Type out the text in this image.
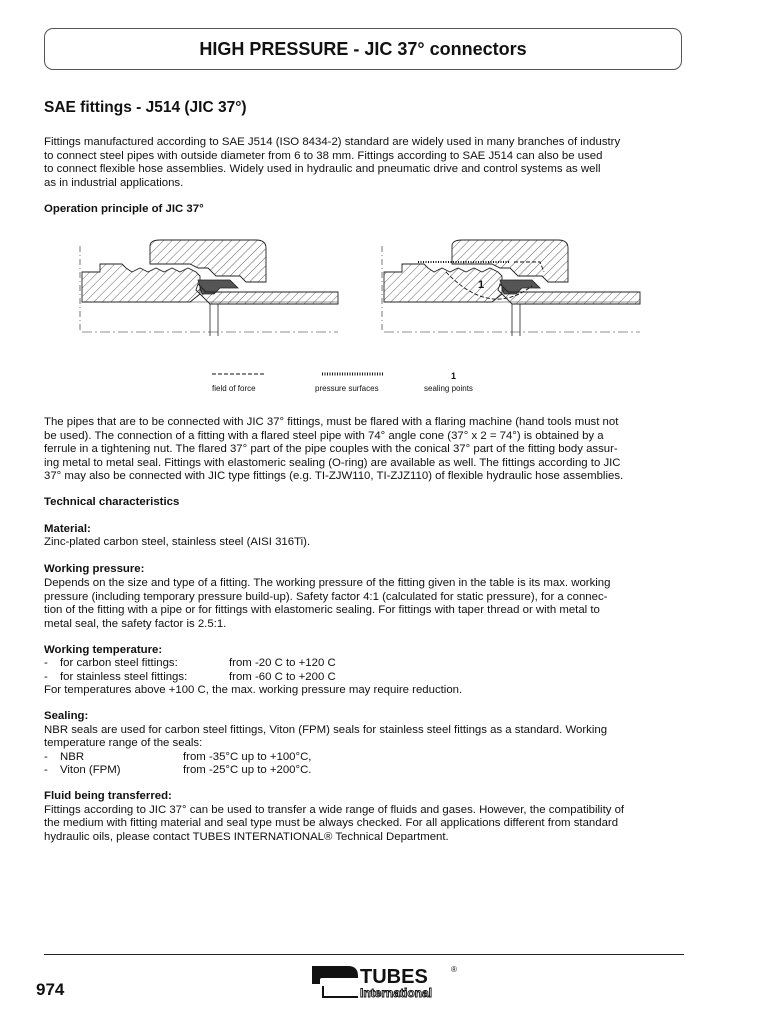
HIGH PRESSURE - JIC 37° connectors
SAE fittings - J514 (JIC 37°)
Fittings manufactured according to SAE J514 (ISO 8434-2) standard are widely used in many branches of industry
to connect steel pipes with outside diameter from 6 to 38 mm. Fittings according to SAE J514 can also be used
to connect flexible hose assemblies. Widely used in hydraulic and pneumatic drive and control systems as well
as in industrial applications.
Operation principle of JIC 37°
1
field of force	pressure surfaces
1
sealing points
The pipes that are to be connected with JIC 37° fittings, must be flared with a flaring machine (hand tools must not
be used). The connection of a fitting with a flared steel pipe with 74° angle cone (37° x 2 = 74°) is obtained by a
ferrule in a tightening nut. The flared 37° part of the pipe couples with the conical 37° part of the fitting body assur-
ing metal to metal seal. Fittings with elastomeric sealing (O-ring) are available as well. The fittings according to JIC
37° may also be connected with JIC type fittings (e.g. TI-ZJW110, TI-ZJZ110) of flexible hydraulic hose assemblies.
Technical characteristics
Material:
Zinc-plated carbon steel, stainless steel (AISI 316Ti).
Working pressure:
Depends on the size and type of a fitting. The working pressure of the fitting given in the table is its max. working
pressure (including temporary pressure build-up). Safety factor 4:1 (calculated for static pressure), for a connec-
tion of the fitting with a pipe or for fittings with elastomeric sealing. For fittings with taper thread or with metal to
metal seal, the safety factor is 2.5:1.
Working temperature:
- for carbon steel fittings:	from -20 C to +120 C
- for stainless steel fittings:	from -60 C to +200 C
For temperatures above +100 C, the max. working pressure may require reduction.
Sealing:
NBR seals are used for carbon steel fittings, Viton (FPM) seals for stainless steel fittings as a standard. Working
temperature range of the seals:
- NBR	from -35°C up to +100°C,
- Viton (FPM)	from -25°C up to +200°C.
Fluid being transferred:
Fittings according to JIC 37° can be used to transfer a wide range of fluids and gases. However, the compatibility of
the medium with fitting material and seal type must be always checked. For all applications different from standard
hydraulic oils, please contact TUBES INTERNATIONAL® Technical Department.
974
TUBES	®
International
